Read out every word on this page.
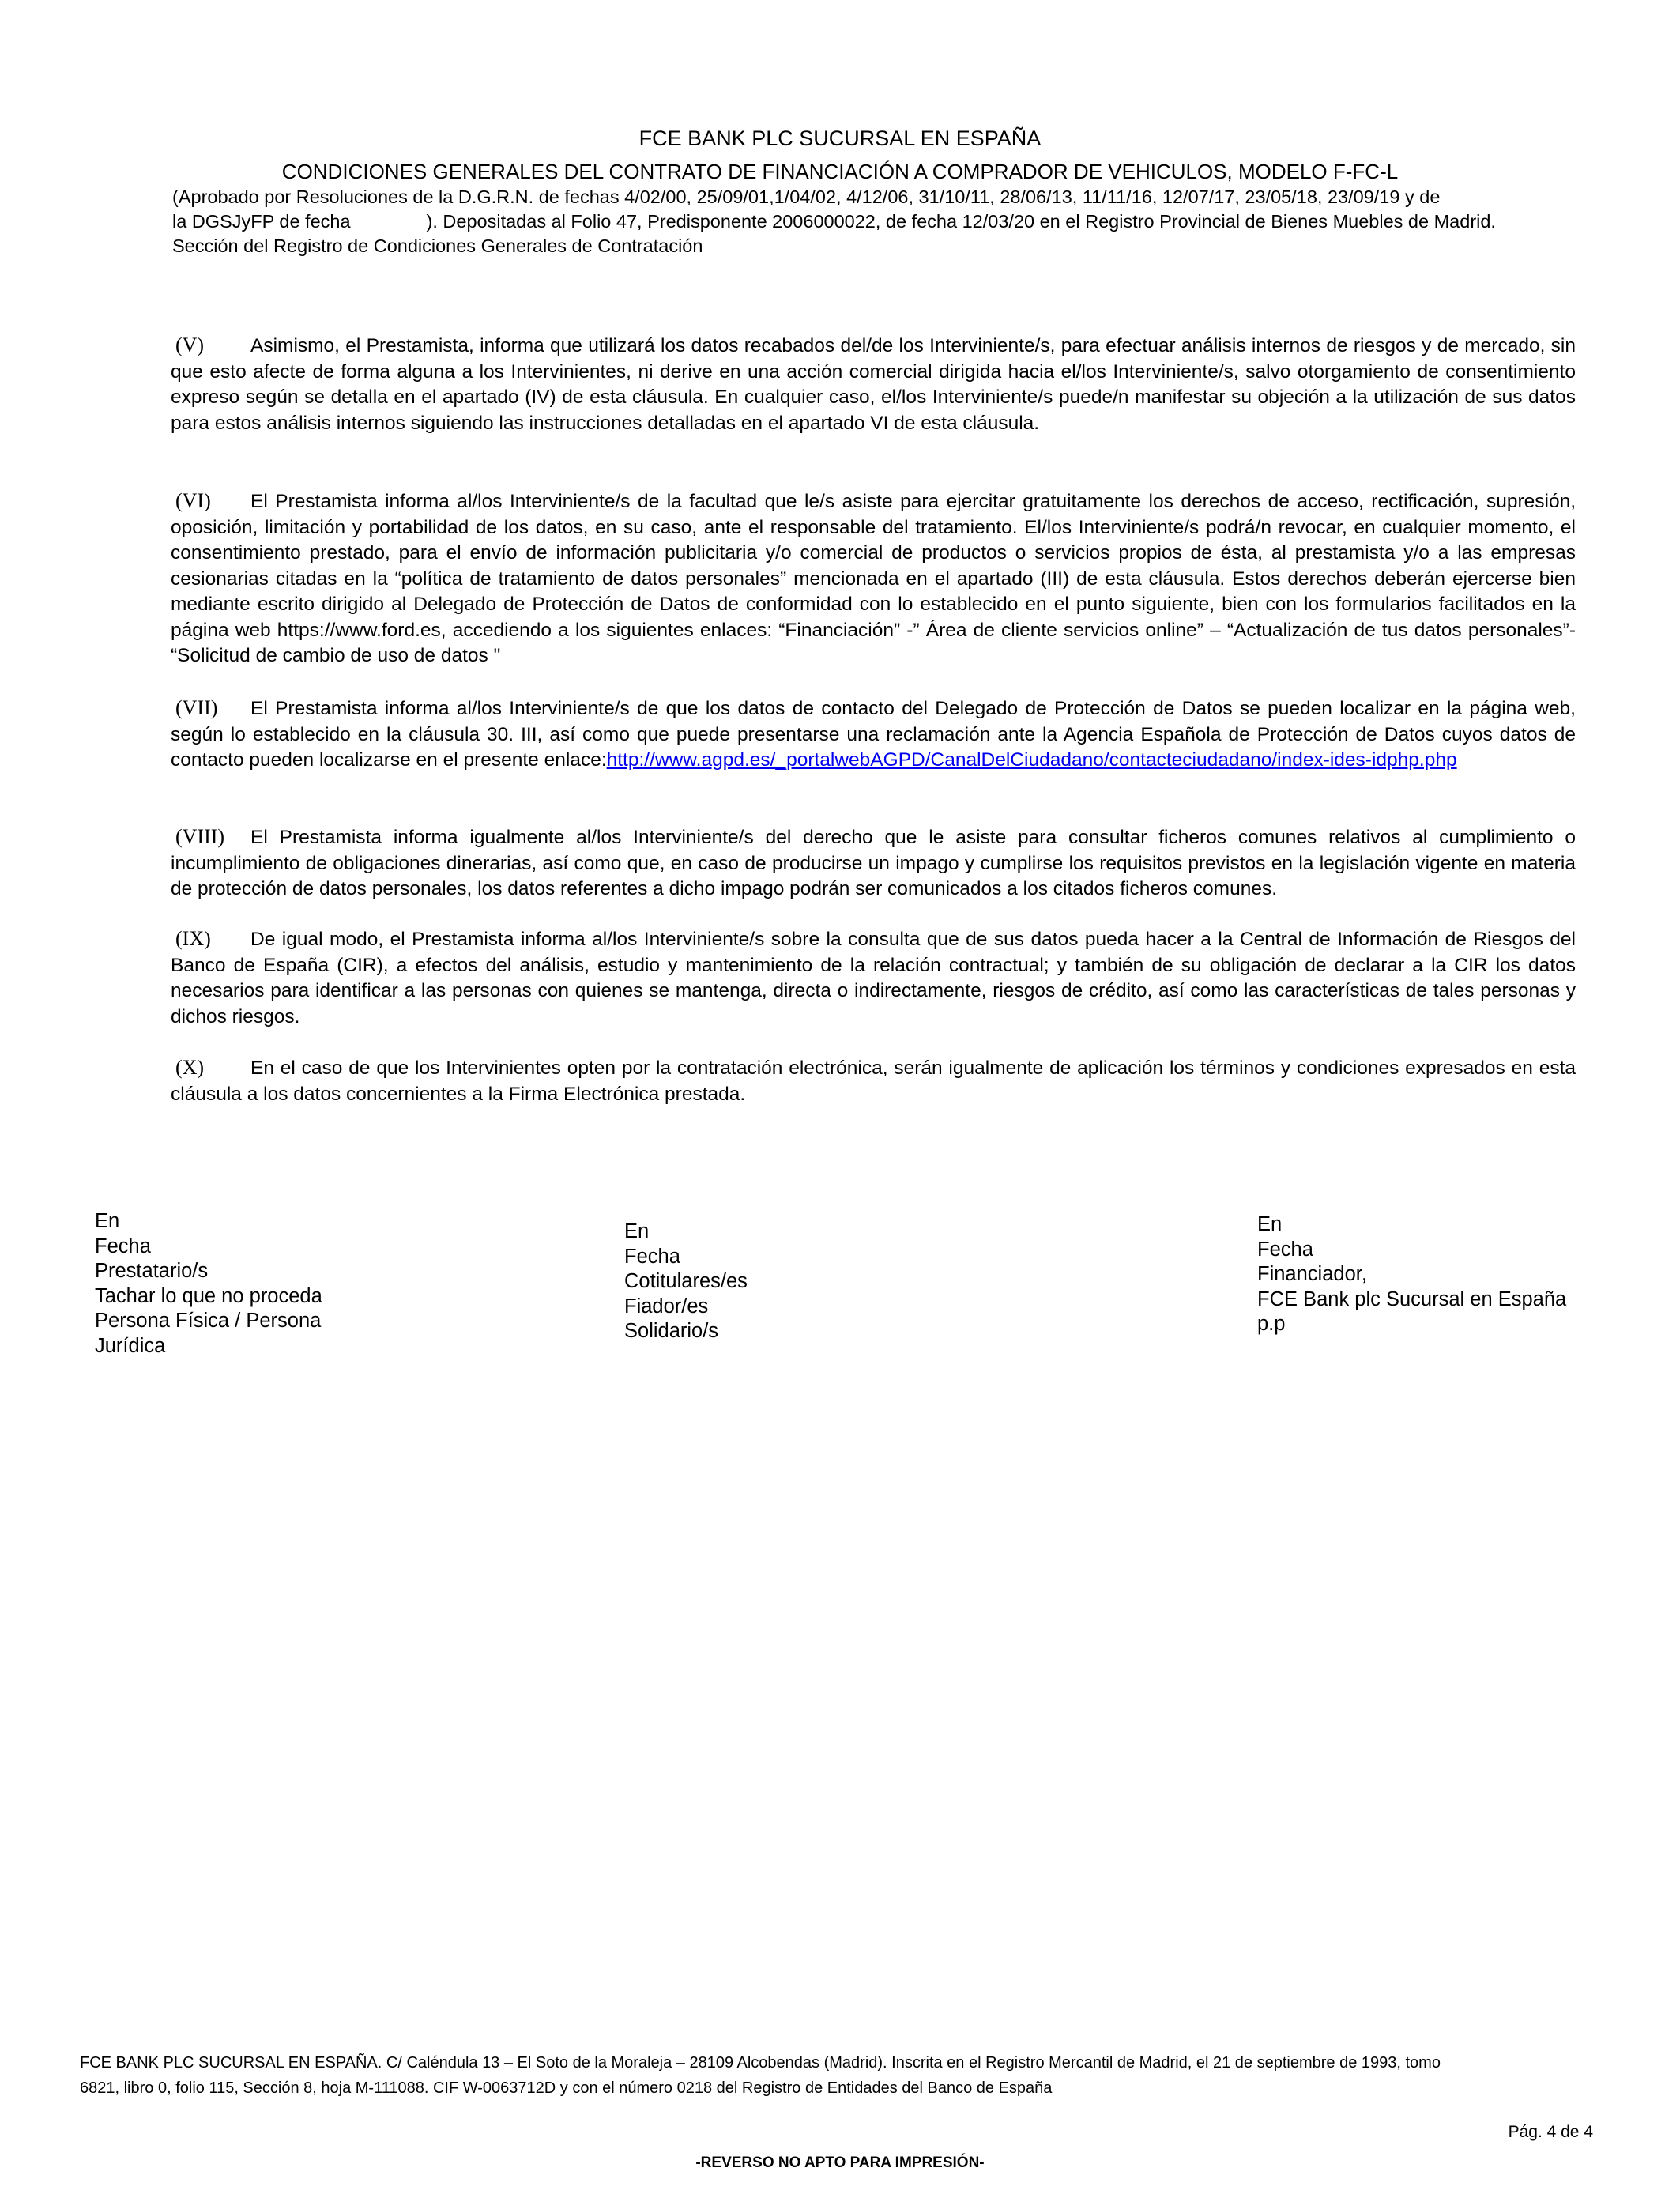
FCE BANK PLC SUCURSAL EN ESPAÑA
CONDICIONES GENERALES DEL CONTRATO DE FINANCIACIÓN A COMPRADOR DE VEHICULOS, MODELO F-FC-L
(Aprobado por Resoluciones de la D.G.R.N. de fechas 4/02/00, 25/09/01,1/04/02, 4/12/06, 31/10/11, 28/06/13, 11/11/16, 12/07/17, 23/05/18, 23/09/19 y de
la DGSJyFP de fecha	). Depositadas al Folio 47, Predisponente 2006000022, de fecha 12/03/20 en el Registro Provincial de Bienes Muebles de Madrid.
Sección del Registro de Condiciones Generales de Contratación
(V) Asimismo, el Prestamista, informa que utilizará los datos recabados del/de los Interviniente/s, para efectuar análisis internos de riesgos y de mercado, sin que esto afecte de forma alguna a los Intervinientes, ni derive en una acción comercial dirigida hacia el/los Interviniente/s, salvo otorgamiento de consentimiento expreso según se detalla en el apartado (IV) de esta cláusula. En cualquier caso, el/los Interviniente/s puede/n manifestar su objeción a la utilización de sus datos para estos análisis internos siguiendo las instrucciones detalladas en el apartado VI de esta cláusula.
(VI) El Prestamista informa al/los Interviniente/s de la facultad que le/s asiste para ejercitar gratuitamente los derechos de acceso, rectificación, supresión, oposición, limitación y portabilidad de los datos, en su caso, ante el responsable del tratamiento. El/los Interviniente/s podrá/n revocar, en cualquier momento, el consentimiento prestado, para el envío de información publicitaria y/o comercial de productos o servicios propios de ésta, al prestamista y/o a las empresas cesionarias citadas en la “política de tratamiento de datos personales” mencionada en el apartado (III) de esta cláusula. Estos derechos deberán ejercerse bien mediante escrito dirigido al Delegado de Protección de Datos de conformidad con lo establecido en el punto siguiente, bien con los formularios facilitados en la página web https://www.ford.es, accediendo a los siguientes enlaces: “Financiación” -” Área de cliente servicios online” – “Actualización de tus datos personales”- “Solicitud de cambio de uso de datos "
(VII) El Prestamista informa al/los Interviniente/s de que los datos de contacto del Delegado de Protección de Datos se pueden localizar en la página web, según lo establecido en la cláusula 30. III, así como que puede presentarse una reclamación ante la Agencia Española de Protección de Datos cuyos datos de contacto pueden localizarse en el presente enlace:http://www.agpd.es/_portalwebAGPD/CanalDelCiudadano/contacteciudadano/index-ides-idphp.php
(VIII) El Prestamista informa igualmente al/los Interviniente/s del derecho que le asiste para consultar ficheros comunes relativos al cumplimiento o incumplimiento de obligaciones dinerarias, así como que, en caso de producirse un impago y cumplirse los requisitos previstos en la legislación vigente en materia de protección de datos personales, los datos referentes a dicho impago podrán ser comunicados a los citados ficheros comunes.
(IX) De igual modo, el Prestamista informa al/los Interviniente/s sobre la consulta que de sus datos pueda hacer a la Central de Información de Riesgos del Banco de España (CIR), a efectos del análisis, estudio y mantenimiento de la relación contractual; y también de su obligación de declarar a la CIR los datos necesarios para identificar a las personas con quienes se mantenga, directa o indirectamente, riesgos de crédito, así como las características de tales personas y dichos riesgos.
(X) En el caso de que los Intervinientes opten por la contratación electrónica, serán igualmente de aplicación los términos y condiciones expresados en esta cláusula a los datos concernientes a la Firma Electrónica prestada.
En
Fecha
Prestatario/s
Tachar lo que no proceda
Persona Física / Persona
Jurídica
En
Fecha
Cotitulares/es
Fiador/es
Solidario/s
En
Fecha
Financiador,
FCE Bank plc Sucursal en España
p.p
FCE BANK PLC SUCURSAL EN ESPAÑA. C/ Caléndula 13 – El Soto de la Moraleja – 28109 Alcobendas (Madrid). Inscrita en el Registro Mercantil de Madrid, el 21 de septiembre de 1993, tomo
6821, libro 0, folio 115, Sección 8, hoja M-111088. CIF W-0063712D y con el número 0218 del Registro de Entidades del Banco de España
Pág. 4 de 4
-REVERSO NO APTO PARA IMPRESIÓN-
